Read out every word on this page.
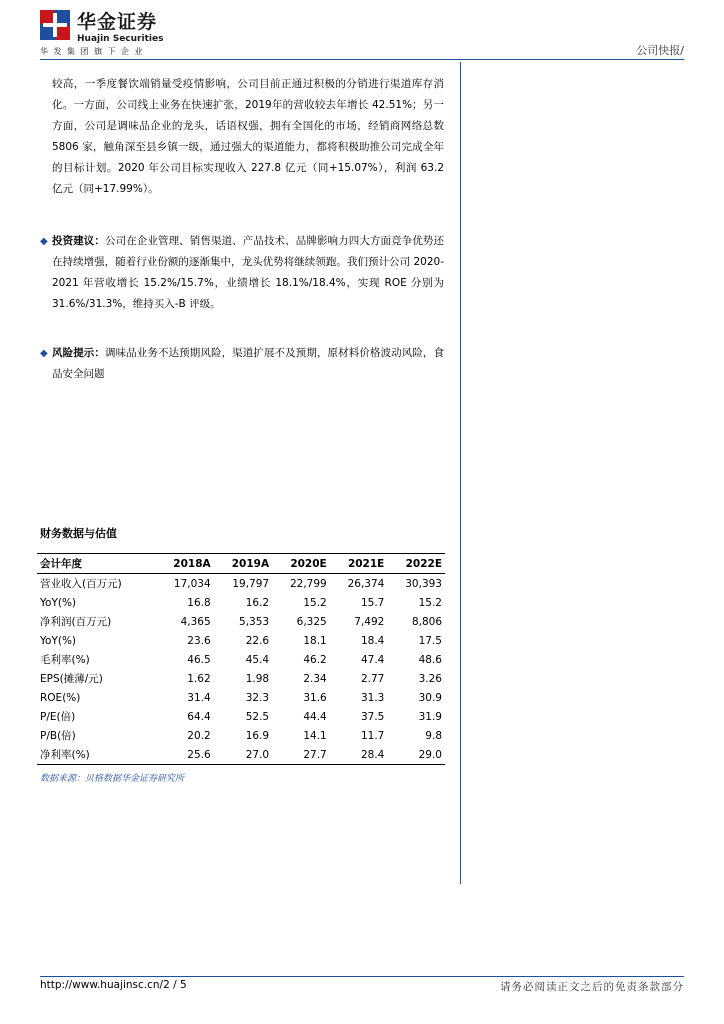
华金证券
Huajin Securities
华发集团旗下企业	公司快报/
较高，一季度餐饮端销量受疫情影响，公司目前正通过积极的分销进行渠道库存消化。一方面，公司线上业务在快速扩张，2019年的营收较去年增长 42.51%；另一方面，公司是调味品企业的龙头，话语权强，拥有全国化的市场，经销商网络总数 5806 家，触角深至县乡镇一级，通过强大的渠道能力，都将积极助推公司完成全年的目标计划。2020 年公司目标实现收入 227.8 亿元（同+15.07%），利润 63.2 亿元（同+17.99%）。
◆ 投资建议：公司在企业管理、销售渠道、产品技术、品牌影响力四大方面竞争优势还在持续增强，随着行业份额的逐渐集中，龙头优势将继续领跑。我们预计公司 2020-2021 年营收增长 15.2%/15.7%，业绩增长 18.1%/18.4%，实现 ROE 分别为 31.6%/31.3%，维持买入-B 评级。
◆ 风险提示：调味品业务不达预期风险，渠道扩展不及预期，原材料价格波动风险，食品安全问题
财务数据与估值
会计年度	2018A	2019A	2020E	2021E	2022E
营业收入(百万元)	17,034	19,797	22,799	26,374	30,393
YoY(%)	16.8	16.2	15.2	15.7	15.2
净利润(百万元)	4,365	5,353	6,325	7,492	8,806
YoY(%)	23.6	22.6	18.1	18.4	17.5
毛利率(%)	46.5	45.4	46.2	47.4	48.6
EPS(摊薄/元)	1.62	1.98	2.34	2.77	3.26
ROE(%)	31.4	32.3	31.6	31.3	30.9
P/E(倍)	64.4	52.5	44.4	37.5	31.9
P/B(倍)	20.2	16.9	14.1	11.7	9.8
净利率(%)	25.6	27.0	27.7	28.4	29.0
数据来源：贝格数据华金证券研究所
http://www.huajinsc.cn/2 / 5	请务必阅读正文之后的免责条款部分
